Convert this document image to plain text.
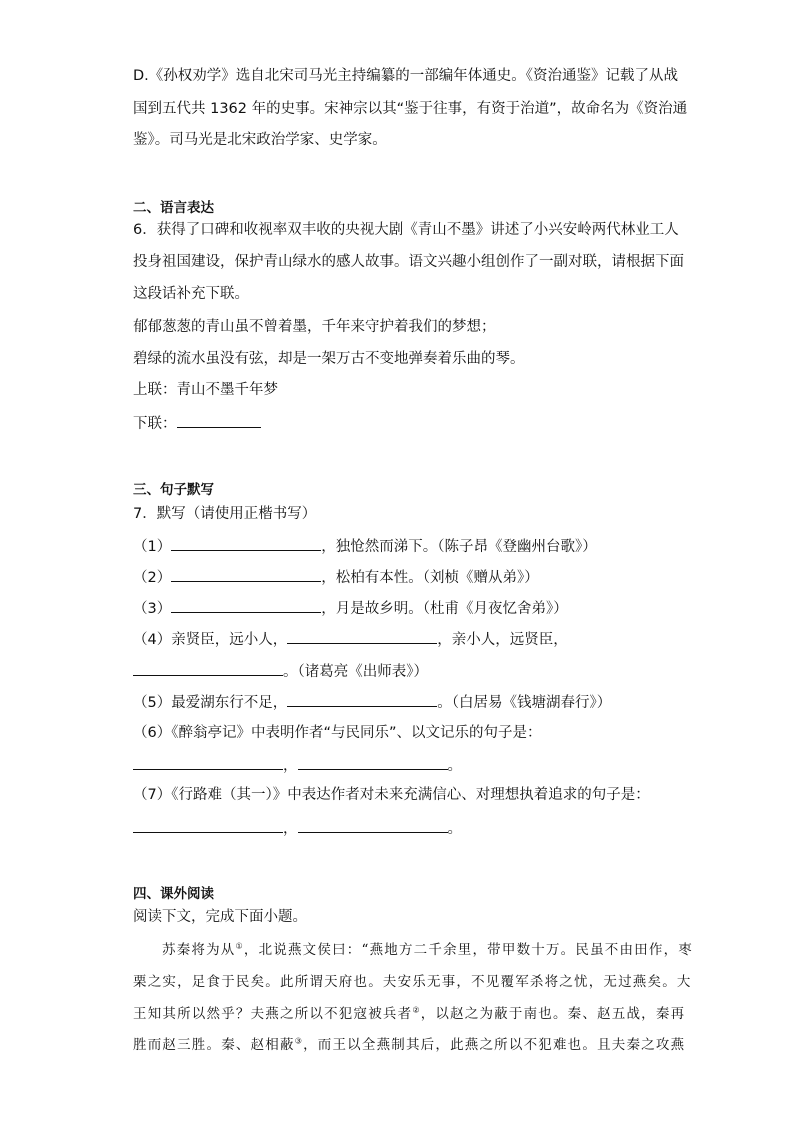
D.《孙权劝学》选自北宋司马光主持编纂的一部编年体通史。《资治通鉴》记载了从战
国到五代共 1362 年的史事。宋神宗以其“鉴于往事，有资于治道”，故命名为《资治通
鉴》。司马光是北宋政治学家、史学家。
二、语言表达
6．获得了口碑和收视率双丰收的央视大剧《青山不墨》讲述了小兴安岭两代林业工人
投身祖国建设，保护青山绿水的感人故事。语文兴趣小组创作了一副对联，请根据下面
这段话补充下联。
郁郁葱葱的青山虽不曾着墨，千年来守护着我们的梦想；
碧绿的流水虽没有弦，却是一架万古不变地弹奏着乐曲的琴。
上联：青山不墨千年梦
下联：
三、句子默写
7．默写（请使用正楷书写）
（1）	，独怆然而涕下。（陈子昂《登幽州台歌》）
（2）	，松柏有本性。（刘桢《赠从弟》）
（3）	，月是故乡明。（杜甫《月夜忆舍弟》）
（4）亲贤臣，远小人，	，亲小人，远贤臣，
。（诸葛亮《出师表》）
（5）最爱湖东行不足，	。（白居易《钱塘湖春行》）
（6）《醉翁亭记》中表明作者“与民同乐”、以文记乐的句子是：
，	。
（7）《行路难（其一）》中表达作者对未来充满信心、对理想执着追求的句子是：
，	。
四、课外阅读
阅读下文，完成下面小题。
苏秦将为从①，北说燕文侯曰：“燕地方二千余里，带甲数十万。民虽不由田作，枣
栗之实，足食于民矣。此所谓天府也。夫安乐无事，不见覆军杀将之忧，无过燕矣。大
王知其所以然乎？夫燕之所以不犯寇被兵者②，以赵之为蔽于南也。秦、赵五战，秦再
胜而赵三胜。秦、赵相蔽③，而王以全燕制其后，此燕之所以不犯难也。且夫秦之攻燕
